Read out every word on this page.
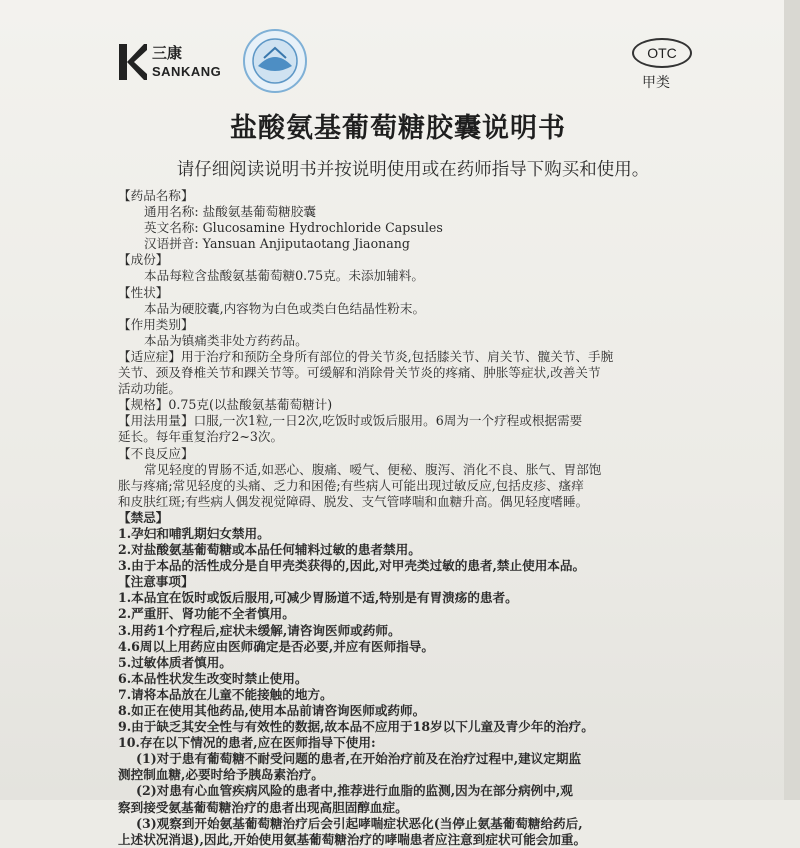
三康
SANKANG
OTC
甲类
盐酸氨基葡萄糖胶囊说明书
请仔细阅读说明书并按说明使用或在药师指导下购买和使用。
【药品名称】
通用名称: 盐酸氨基葡萄糖胶囊
英文名称: Glucosamine Hydrochloride Capsules
汉语拼音: Yansuan Anjiputaotang Jiaonang
【成份】
本品每粒含盐酸氨基葡萄糖0.75克。未添加辅料。
【性状】
本品为硬胶囊,内容物为白色或类白色结晶性粉末。
【作用类别】
本品为镇痛类非处方药药品。
【适应症】用于治疗和预防全身所有部位的骨关节炎,包括膝关节、肩关节、髋关节、手腕
关节、颈及脊椎关节和踝关节等。可缓解和消除骨关节炎的疼痛、肿胀等症状,改善关节
活动功能。
【规格】0.75克(以盐酸氨基葡萄糖计)
【用法用量】口服,一次1粒,一日2次,吃饭时或饭后服用。6周为一个疗程或根据需要
延长。每年重复治疗2~3次。
【不良反应】
常见轻度的胃肠不适,如恶心、腹痛、嗳气、便秘、腹泻、消化不良、胀气、胃部饱
胀与疼痛;常见轻度的头痛、乏力和困倦;有些病人可能出现过敏反应,包括皮疹、瘙痒
和皮肤红斑;有些病人偶发视觉障碍、脱发、支气管哮喘和血糖升高。偶见轻度嗜睡。
【禁忌】
1.孕妇和哺乳期妇女禁用。
2.对盐酸氨基葡萄糖或本品任何辅料过敏的患者禁用。
3.由于本品的活性成分是自甲壳类获得的,因此,对甲壳类过敏的患者,禁止使用本品。
【注意事项】
1.本品宜在饭时或饭后服用,可减少胃肠道不适,特别是有胃溃疡的患者。
2.严重肝、肾功能不全者慎用。
3.用药1个疗程后,症状未缓解,请咨询医师或药师。
4.6周以上用药应由医师确定是否必要,并应有医师指导。
5.过敏体质者慎用。
6.本品性状发生改变时禁止使用。
7.请将本品放在儿童不能接触的地方。
8.如正在使用其他药品,使用本品前请咨询医师或药师。
9.由于缺乏其安全性与有效性的数据,故本品不应用于18岁以下儿童及青少年的治疗。
10.存在以下情况的患者,应在医师指导下使用:
(1)对于患有葡萄糖不耐受问题的患者,在开始治疗前及在治疗过程中,建议定期监
测控制血糖,必要时给予胰岛素治疗。
(2)对患有心血管疾病风险的患者中,推荐进行血脂的监测,因为在部分病例中,观
察到接受氨基葡萄糖治疗的患者出现高胆固醇血症。
(3)观察到开始氨基葡萄糖治疗后会引起哮喘症状恶化(当停止氨基葡萄糖给药后,
上述状况消退),因此,开始使用氨基葡萄糖治疗的哮喘患者应注意到症状可能会加重。
